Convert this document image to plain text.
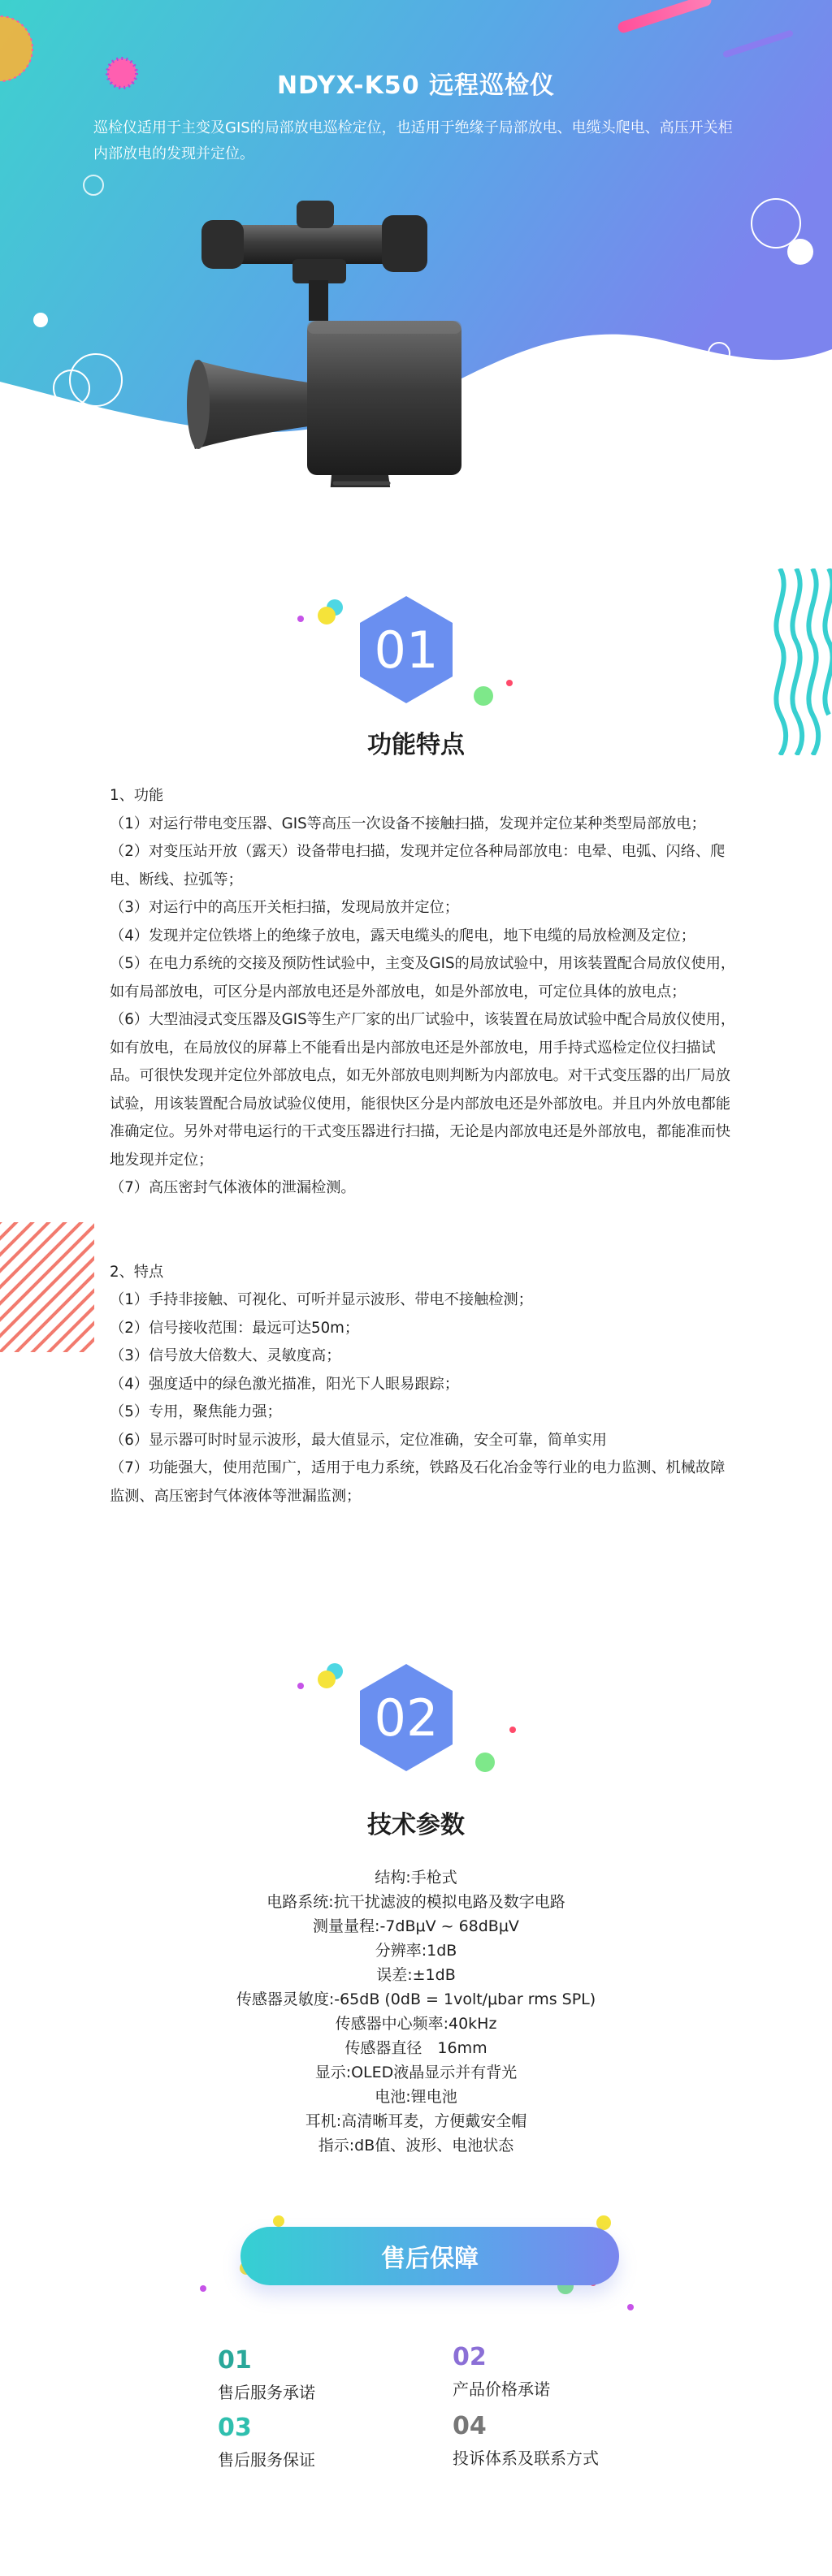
NDYX-K50 远程巡检仪
巡检仪适用于主变及GIS的局部放电巡检定位，也适用于绝缘子局部放电、电缆头爬电、高压开关柜内部放电的发现并定位。
01
功能特点

1、功能

（1）对运行带电变压器、GIS等高压一次设备不接触扫描，发现并定位某种类型局部放电；

（2）对变压站开放（露天）设备带电扫描，发现并定位各种局部放电：电晕、电弧、闪络、爬电、断线、拉弧等；

（3）对运行中的高压开关柜扫描，发现局放并定位；

（4）发现并定位铁塔上的绝缘子放电，露天电缆头的爬电，地下电缆的局放检测及定位；

（5）在电力系统的交接及预防性试验中，主变及GIS的局放试验中，用该装置配合局放仪使用，如有局部放电，可区分是内部放电还是外部放电，如是外部放电，可定位具体的放电点；

（6）大型油浸式变压器及GIS等生产厂家的出厂试验中，该装置在局放试验中配合局放仪使用，如有放电，在局放仪的屏幕上不能看出是内部放电还是外部放电，用手持式巡检定位仪扫描试品。可很快发现并定位外部放电点，如无外部放电则判断为内部放电。对干式变压器的出厂局放试验，用该装置配合局放试验仪使用，能很快区分是内部放电还是外部放电。并且内外放电都能准确定位。另外对带电运行的干式变压器进行扫描，无论是内部放电还是外部放电，都能准而快地发现并定位；

（7）高压密封气体液体的泄漏检测。

2、特点

（1）手持非接触、可视化、可听并显示波形、带电不接触检测；

（2）信号接收范围：最远可达50m；

（3）信号放大倍数大、灵敏度高；

（4）强度适中的绿色激光描准，阳光下人眼易跟踪；

（5）专用，聚焦能力强；

（6）显示器可时时显示波形，最大值显示，定位准确，安全可靠，简单实用

（7）功能强大，使用范围广，适用于电力系统，铁路及石化冶金等行业的电力监测、机械故障监测、高压密封气体液体等泄漏监测；

02
技术参数

结构:手枪式

电路系统:抗干扰滤波的模拟电路及数字电路

测量量程:-7dBμV ~ 68dBμV

分辨率:1dB

误差:±1dB

传感器灵敏度:-65dB (0dB = 1volt/μbar rms SPL)

传感器中心频率:40kHz

传感器直径　16mm

显示:OLED液晶显示并有背光

电池:锂电池

耳机:高清晰耳麦，方便戴安全帽

指示:dB值、波形、电池状态

售后保障
01
售后服务承诺
02
产品价格承诺
03
售后服务保证
04
投诉体系及联系方式
